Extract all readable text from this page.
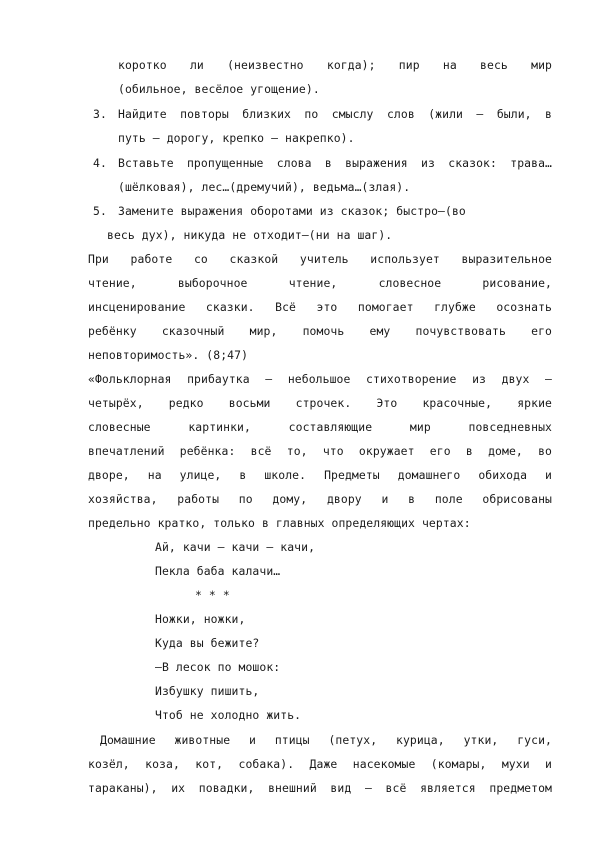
коротко ли (неизвестно когда); пир на весь мир
(обильное, весёлое угощение).
3. Найдите повторы близких по смыслу слов (жили – были, в
путь – дорогу, крепко – накрепко).
4. Вставьте пропущенные слова в выражения из сказок: трава…
(шёлковая), лес…(дремучий), ведьма…(злая).
5. Замените выражения оборотами из сказок; быстро–(во
весь дух), никуда не отходит–(ни на шаг).
При работе со сказкой учитель использует выразительное
чтение, выборочное чтение, словесное рисование,
инсценирование сказки. Всё это помогает глубже осознать
ребёнку сказочный мир, помочь ему почувствовать его
неповторимость». (8;47)
«Фольклорная прибаутка – небольшое стихотворение из двух –
четырёх, редко восьми строчек. Это красочные, яркие
словесные картинки, составляющие мир повседневных
впечатлений ребёнка: всё то, что окружает его в доме, во
дворе, на улице, в школе. Предметы домашнего обихода и
хозяйства, работы по дому, двору и в поле обрисованы
предельно кратко, только в главных определяющих чертах:
Ай, качи – качи – качи,
Пекла баба калачи…
* * *
Ножки, ножки,
Куда вы бежите?
–В лесок по мошок:
Избушку пишить,
Чтоб не холодно жить.
Домашние животные и птицы (петух, курица, утки, гуси,
козёл, коза, кот, собака). Даже насекомые (комары, мухи и
тараканы), их повадки, внешний вид – всё является предметом
